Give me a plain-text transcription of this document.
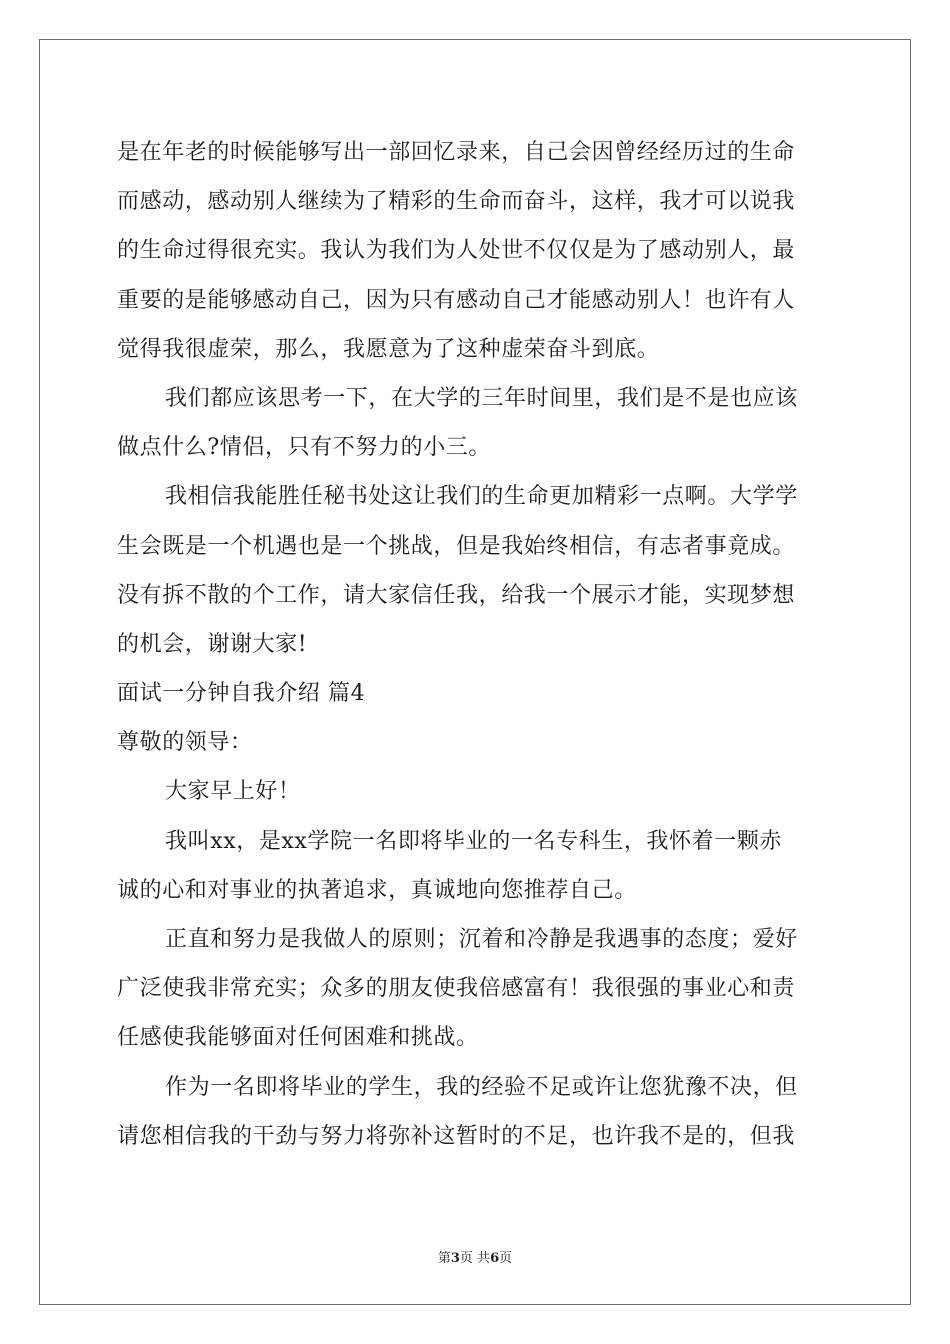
是在年老的时候能够写出一部回忆录来，自己会因曾经经历过的生命
而感动，感动别人继续为了精彩的生命而奋斗，这样，我才可以说我
的生命过得很充实。我认为我们为人处世不仅仅是为了感动别人，最
重要的是能够感动自己，因为只有感动自己才能感动别人！也许有人
觉得我很虚荣，那么，我愿意为了这种虚荣奋斗到底。
我们都应该思考一下，在大学的三年时间里，我们是不是也应该
做点什么?情侣，只有不努力的小三。
我相信我能胜任秘书处这让我们的生命更加精彩一点啊。大学学
生会既是一个机遇也是一个挑战，但是我始终相信，有志者事竟成。
没有拆不散的个工作，请大家信任我，给我一个展示才能，实现梦想
的机会，谢谢大家!
面试一分钟自我介绍 篇4
尊敬的领导：
大家早上好！
我叫xx，是xx学院一名即将毕业的一名专科生，我怀着一颗赤
诚的心和对事业的执著追求，真诚地向您推荐自己。
正直和努力是我做人的原则；沉着和冷静是我遇事的态度；爱好
广泛使我非常充实；众多的朋友使我倍感富有！我很强的事业心和责
任感使我能够面对任何困难和挑战。
作为一名即将毕业的学生，我的经验不足或许让您犹豫不决，但
请您相信我的干劲与努力将弥补这暂时的不足，也许我不是的，但我
第3页 共6页
